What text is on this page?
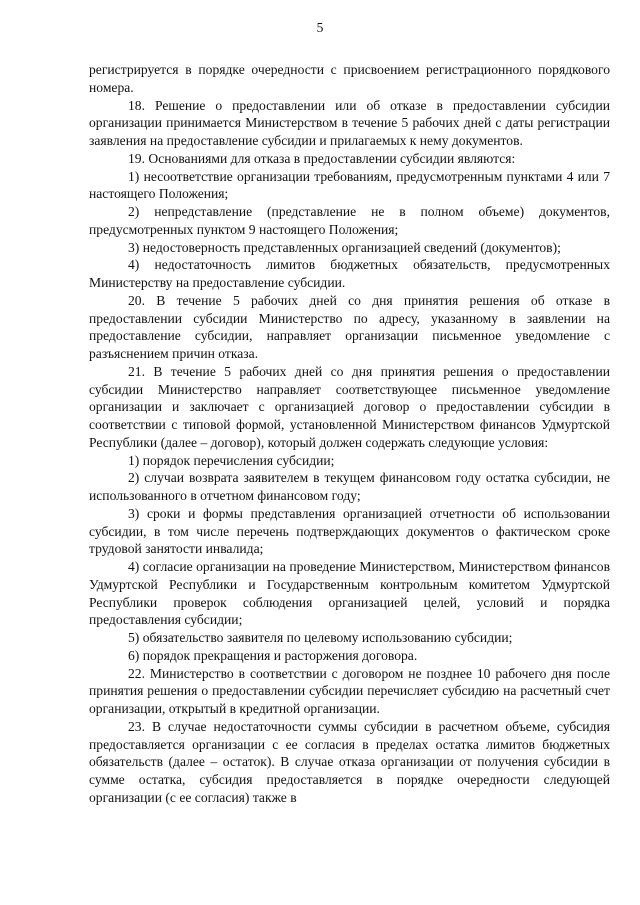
5

регистрируется в порядке очередности с присвоением регистрационного порядкового номера.

18. Решение о предоставлении или об отказе в предоставлении субсидии организации принимается Министерством в течение 5 рабочих дней с даты регистрации заявления на предоставление субсидии и прилагаемых к нему документов.

19. Основаниями для отказа в предоставлении субсидии являются:

1) несоответствие организации требованиям, предусмотренным пунктами 4 или 7 настоящего Положения;

2) непредставление (представление не в полном объеме) документов, предусмотренных пунктом 9 настоящего Положения;

3) недостоверность представленных организацией сведений (документов);

4) недостаточность лимитов бюджетных обязательств, предусмотренных Министерству на предоставление субсидии.

20. В течение 5 рабочих дней со дня принятия решения об отказе в предоставлении субсидии Министерство по адресу, указанному в заявлении на предоставление субсидии, направляет организации письменное уведомление с разъяснением причин отказа.

21. В течение 5 рабочих дней со дня принятия решения о предоставлении субсидии Министерство направляет соответствующее письменное уведомление организации и заключает с организацией договор о предоставлении субсидии в соответствии с типовой формой, установленной Министерством финансов Удмуртской Республики (далее – договор), который должен содержать следующие условия:

1) порядок перечисления субсидии;

2) случаи возврата заявителем в текущем финансовом году остатка субсидии, не использованного в отчетном финансовом году;

3) сроки и формы представления организацией отчетности об использовании субсидии, в том числе перечень подтверждающих документов о фактическом сроке трудовой занятости инвалида;

4) согласие организации на проведение Министерством, Министерством финансов Удмуртской Республики и Государственным контрольным комитетом Удмуртской Республики проверок соблюдения организацией целей, условий и порядка предоставления субсидии;

5) обязательство заявителя по целевому использованию субсидии;

6) порядок прекращения и расторжения договора.

22. Министерство в соответствии с договором не позднее 10 рабочего дня после принятия решения о предоставлении субсидии перечисляет субсидию на расчетный счет организации, открытый в кредитной организации.

23. В случае недостаточности суммы субсидии в расчетном объеме, субсидия предоставляется организации с ее согласия в пределах остатка лимитов бюджетных обязательств (далее – остаток). В случае отказа организации от получения субсидии в сумме остатка, субсидия предоставляется в порядке очередности следующей организации (с ее согласия) также в
